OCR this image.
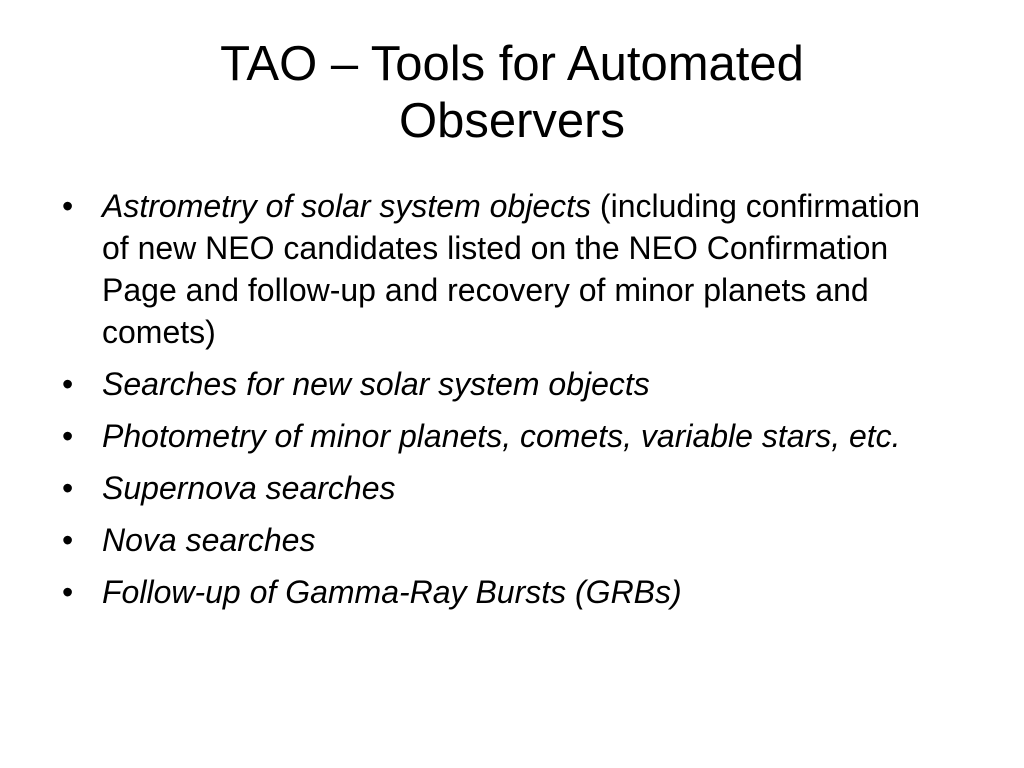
TAO – Tools for Automated
Observers
• Astrometry of solar system objects (including confirmation of new NEO candidates listed on the NEO Confirmation Page and follow-up and recovery of minor planets and comets)
• Searches for new solar system objects
• Photometry of minor planets, comets, variable stars, etc.
• Supernova searches
• Nova searches
• Follow-up of Gamma-Ray Bursts (GRBs)
